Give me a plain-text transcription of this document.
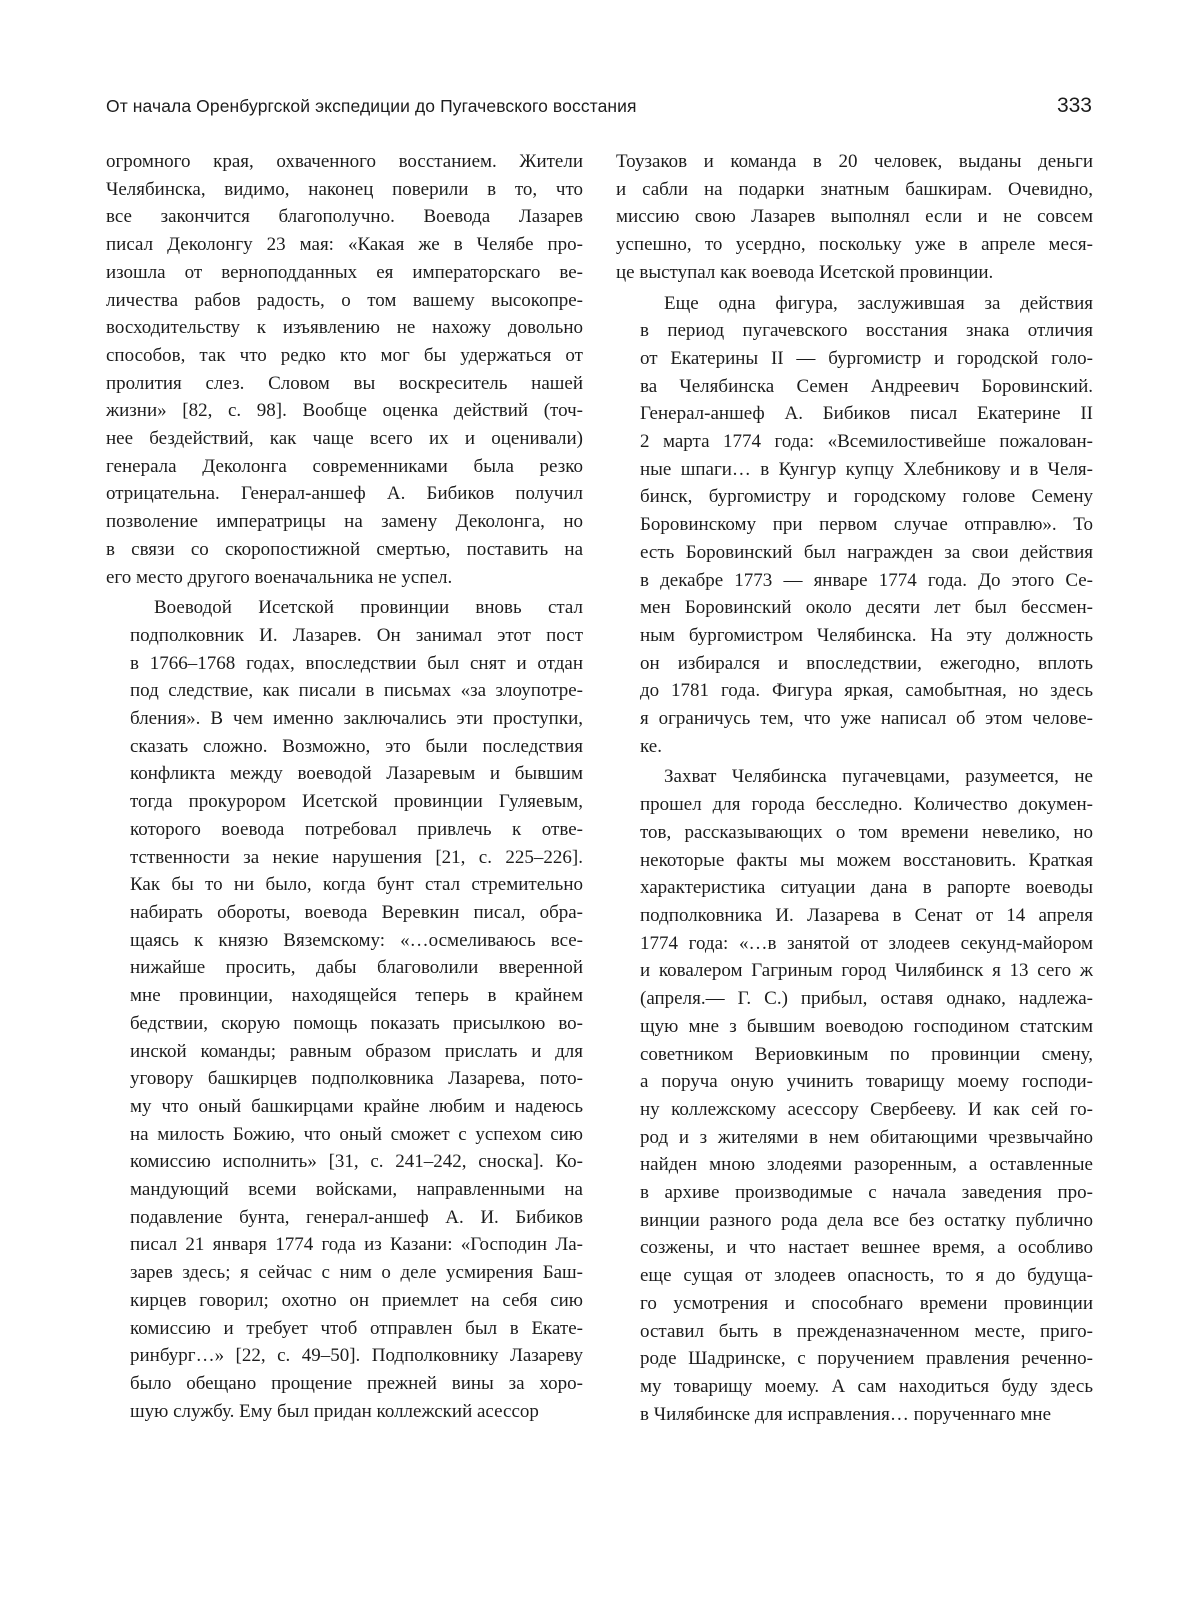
От начала Оренбургской экспедиции до Пугачевского восстания	333

огромного края, охваченного восстанием. Жители
Челябинска, видимо, наконец поверили в то, что
все закончится благополучно. Воевода Лазарев
писал Деколонгу 23 мая: «Какая же в Челябе про-
изошла от верноподданных ея императорскаго ве-
личества рабов радость, о том вашему высокопре-
восходительству к изъявлению не нахожу довольно
способов, так что редко кто мог бы удержаться от
пролития слез. Словом вы воскреситель нашей
жизни» [82, с. 98]. Вообще оценка действий (точ-
нее бездействий, как чаще всего их и оценивали)
генерала Деколонга современниками была резко
отрицательна. Генерал-аншеф А. Бибиков получил
позволение императрицы на замену Деколонга, но
в связи со скоропостижной смертью, поставить на
его место другого военачальника не успел.

Воеводой Исетской провинции вновь стал
подполковник И. Лазарев. Он занимал этот пост
в 1766–1768 годах, впоследствии был снят и отдан
под следствие, как писали в письмах «за злоупотре-
бления». В чем именно заключались эти проступки,
сказать сложно. Возможно, это были последствия
конфликта между воеводой Лазаревым и бывшим
тогда прокурором Исетской провинции Гуляевым,
которого воевода потребовал привлечь к отве-
тственности за некие нарушения [21, с. 225–226].
Как бы то ни было, когда бунт стал стремительно
набирать обороты, воевода Веревкин писал, обра-
щаясь к князю Вяземскому: «…осмеливаюсь все-
нижайше просить, дабы благоволили вверенной
мне провинции, находящейся теперь в крайнем
бедствии, скорую помощь показать присылкою во-
инской команды; равным образом прислать и для
уговору башкирцев подполковника Лазарева, пото-
му что оный башкирцами крайне любим и надеюсь
на милость Божию, что оный сможет с успехом сию
комиссию исполнить» [31, с. 241–242, сноска]. Ко-
мандующий всеми войсками, направленными на
подавление бунта, генерал-аншеф А. И. Бибиков
писал 21 января 1774 года из Казани: «Господин Ла-
зарев здесь; я сейчас с ним о деле усмирения Баш-
кирцев говорил; охотно он приемлет на себя сию
комиссию и требует чтоб отправлен был в Екате-
ринбург…» [22, с. 49–50]. Подполковнику Лазареву
было обещано прощение прежней вины за хоро-
шую службу. Ему был придан коллежский асессор

Тоузаков и команда в 20 человек, выданы деньги
и сабли на подарки знатным башкирам. Очевидно,
миссию свою Лазарев выполнял если и не совсем
успешно, то усердно, поскольку уже в апреле меся-
це выступал как воевода Исетской провинции.

Еще одна фигура, заслужившая за действия
в период пугачевского восстания знака отличия
от Екатерины II — бургомистр и городской голо-
ва Челябинска Семен Андреевич Боровинский.
Генерал-аншеф А. Бибиков писал Екатерине II
2 марта 1774 года: «Всемилостивейше пожалован-
ные шпаги… в Кунгур купцу Хлебникову и в Челя-
бинск, бургомистру и городскому голове Семену
Боровинскому при первом случае отправлю». То
есть Боровинский был награжден за свои действия
в декабре 1773 — январе 1774 года. До этого Се-
мен Боровинский около десяти лет был бессмен-
ным бургомистром Челябинска. На эту должность
он избирался и впоследствии, ежегодно, вплоть
до 1781 года. Фигура яркая, самобытная, но здесь
я ограничусь тем, что уже написал об этом челове-
ке.

Захват Челябинска пугачевцами, разумеется, не
прошел для города бесследно. Количество докумен-
тов, рассказывающих о том времени невелико, но
некоторые факты мы можем восстановить. Краткая
характеристика ситуации дана в рапорте воеводы
подполковника И. Лазарева в Сенат от 14 апреля
1774 года: «…в занятой от злодеев секунд-майором
и ковалером Гагриным город Чилябинск я 13 сего ж
(апреля.— Г. С.) прибыл, оставя однако, надлежа-
щую мне з бывшим воеводою господином статским
советником Вериовкиным по провинции смену,
а поруча оную учинить товарищу моему господи-
ну коллежскому асессору Свербееву. И как сей го-
род и з жителями в нем обитающими чрезвычайно
найден мною злодеями разоренным, а оставленные
в архиве производимые с начала заведения про-
винции разного рода дела все без остатку публично
созжены, и что настает вешнее время, а особливо
еще сущая от злодеев опасность, то я до будуща-
го усмотрения и способнаго времени провинции
оставил быть в прежденазначенном месте, приго-
роде Шадринске, с поручением правления реченно-
му товарищу моему. А сам находиться буду здесь
в Чилябинске для исправления… порученнаго мне
